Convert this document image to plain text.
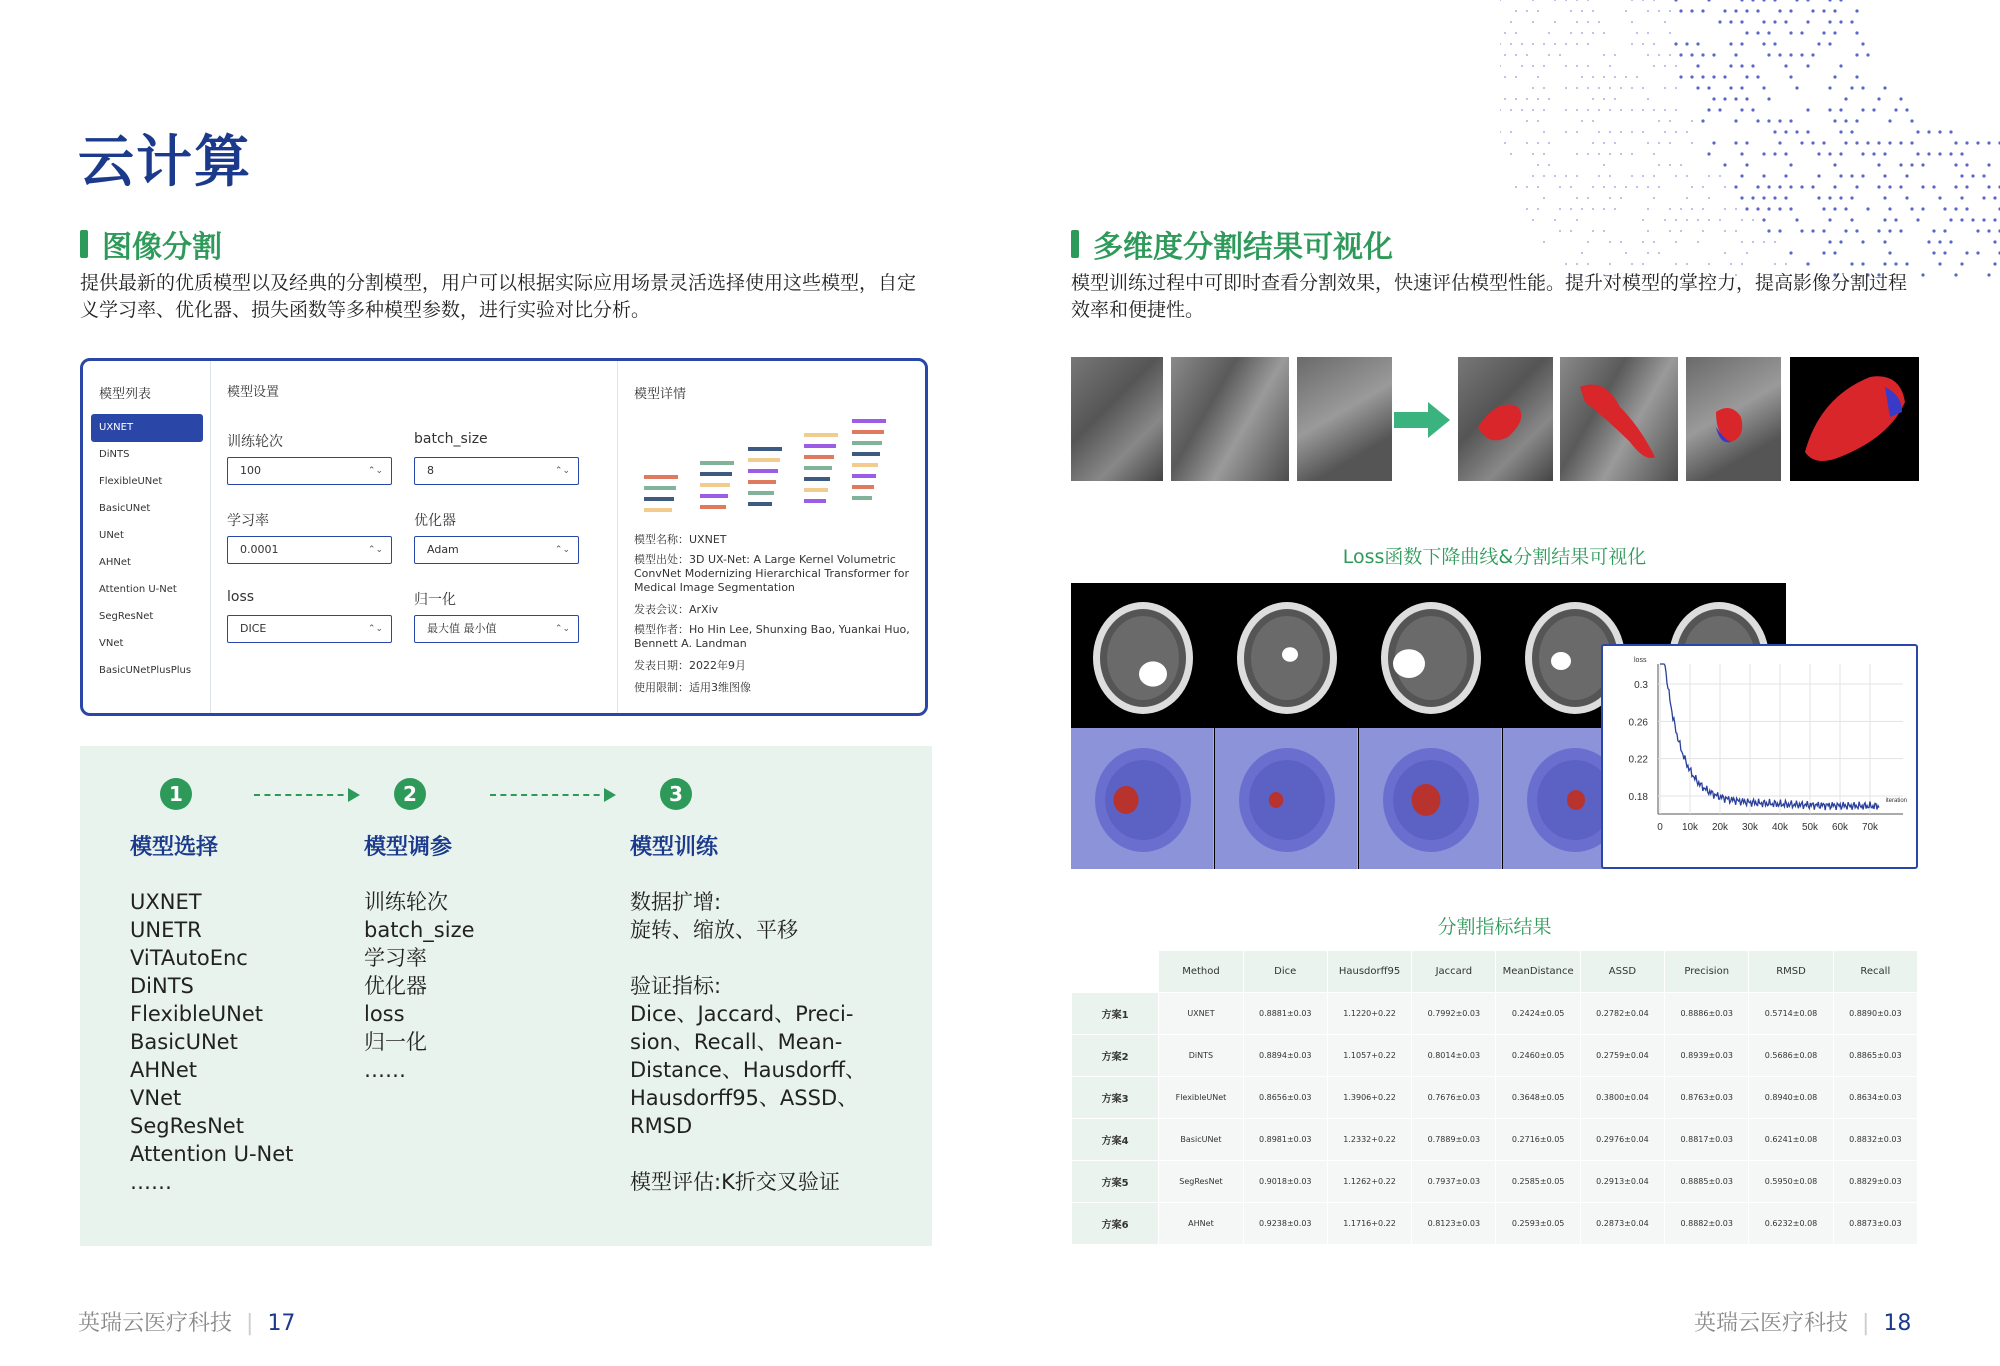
云计算
图像分割
提供最新的优质模型以及经典的分割模型，用户可以根据实际应用场景灵活选择使用这些模型，自定义学习率、优化器、损失函数等多种模型参数，进行实验对比分析。
模型列表
UXNET
DiNTS
FlexibleUNet
BasicUNet
UNet
AHNet
Attention U-Net
SegResNet
VNet
BasicUNetPlusPlus
模型设置
训练轮次
100	⌃⌄
batch_size
8	⌃⌄
学习率
0.0001	⌃⌄
优化器
Adam	⌃⌄
loss
DICE	⌃⌄
归一化
最大值 最小值	⌃⌄
模型详情
模型名称：UXNET
模型出处：3D UX-Net: A Large Kernel Volumetric ConvNet Modernizing Hierarchical Transformer for Medical Image Segmentation
发表会议：ArXiv
模型作者：Ho Hin Lee, Shunxing Bao, Yuankai Huo, Bennett A. Landman
发表日期：2022年9月
使用限制：适用3维图像
1
模型选择
UXNET
UNETR
ViTAutoEnc
DiNTS
FlexibleUNet
BasicUNet
AHNet
VNet
SegResNet
Attention U-Net
……
2
模型调参
训练轮次
batch_size
学习率
优化器
loss
归一化
……
3
模型训练
数据扩增:
旋转、缩放、平移
验证指标:
Dice、Jaccard、Preci-
sion、Recall、Mean-
Distance、Hausdorff、
Hausdorff95、ASSD、
RMSD
模型评估:K折交叉验证
多维度分割结果可视化
模型训练过程中可即时查看分割效果，快速评估模型性能。提升对模型的掌控力，提高影像分割过程效率和便捷性。
Loss函数下降曲线&分割结果可视化
loss
iteration
0.3
0.26
0.22
0.18
0 10k 20k 30k 40k 50k 60k 70k
分割指标结果
	Method	Dice	Hausdorff95	Jaccard	MeanDistance	ASSD	Precision	RMSD	Recall
方案1	UXNET	0.8881±0.03	1.1220+0.22	0.7992±0.03	0.2424±0.05	0.2782±0.04	0.8886±0.03	0.5714±0.08	0.8890±0.03
方案2	DiNTS	0.8894±0.03	1.1057+0.22	0.8014±0.03	0.2460±0.05	0.2759±0.04	0.8939±0.03	0.5686±0.08	0.8865±0.03
方案3	FlexibleUNet	0.8656±0.03	1.3906+0.22	0.7676±0.03	0.3648±0.05	0.3800±0.04	0.8763±0.03	0.8940±0.08	0.8634±0.03
方案4	BasicUNet	0.8981±0.03	1.2332+0.22	0.7889±0.03	0.2716±0.05	0.2976±0.04	0.8817±0.03	0.6241±0.08	0.8832±0.03
方案5	SegResNet	0.9018±0.03	1.1262+0.22	0.7937±0.03	0.2585±0.05	0.2913±0.04	0.8885±0.03	0.5950±0.08	0.8829±0.03
方案6	AHNet	0.9238±0.03	1.1716+0.22	0.8123±0.03	0.2593±0.05	0.2873±0.04	0.8882±0.03	0.6232±0.08	0.8873±0.03
英瑞云医疗科技 | 17	英瑞云医疗科技 | 18
